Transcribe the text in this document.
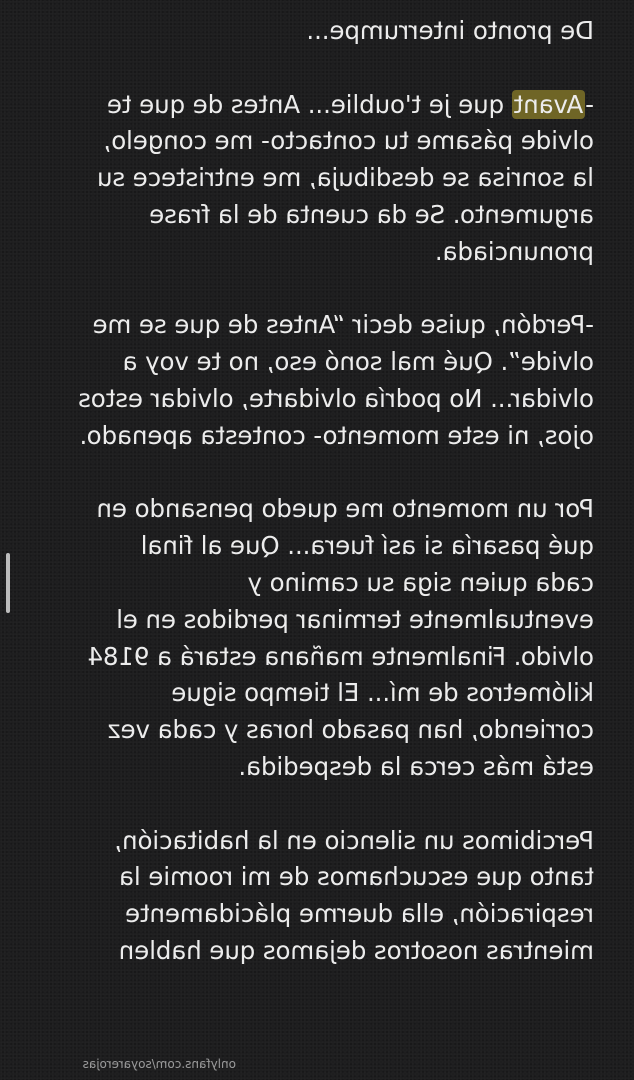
De pronto interrumpe...

-Avant que je t'oublie... Antes de que te
olvide pásame tu contacto- me congelo,
la sonrisa se desdibuja, me entristece su
argumento. Se da cuenta de la frase
pronunciada.

-Perdón, quise decir “Antes de que se me
olvide”. Qué mal sonó eso, no te voy a
olvidar... No podría olvidarte, olvidar estos
ojos, ni este momento- contesta apenado.

Por un momento me quedo pensando en
qué pasaría si así fuera... Que al final
cada quien siga su camino y
eventualmente terminar perdidos en el
olvido. Finalmente mañana estará a 9184
kilómetros de mí... El tiempo sigue
corriendo, han pasado horas y cada vez
está más cerca la despedida.

Percibimos un silencio en la habitación,
tanto que escuchamos de mi roomie la
respiración, ella duerme plácidamente
mientras nosotros dejamos que hablen

onlyfans.com/soyarerojas
